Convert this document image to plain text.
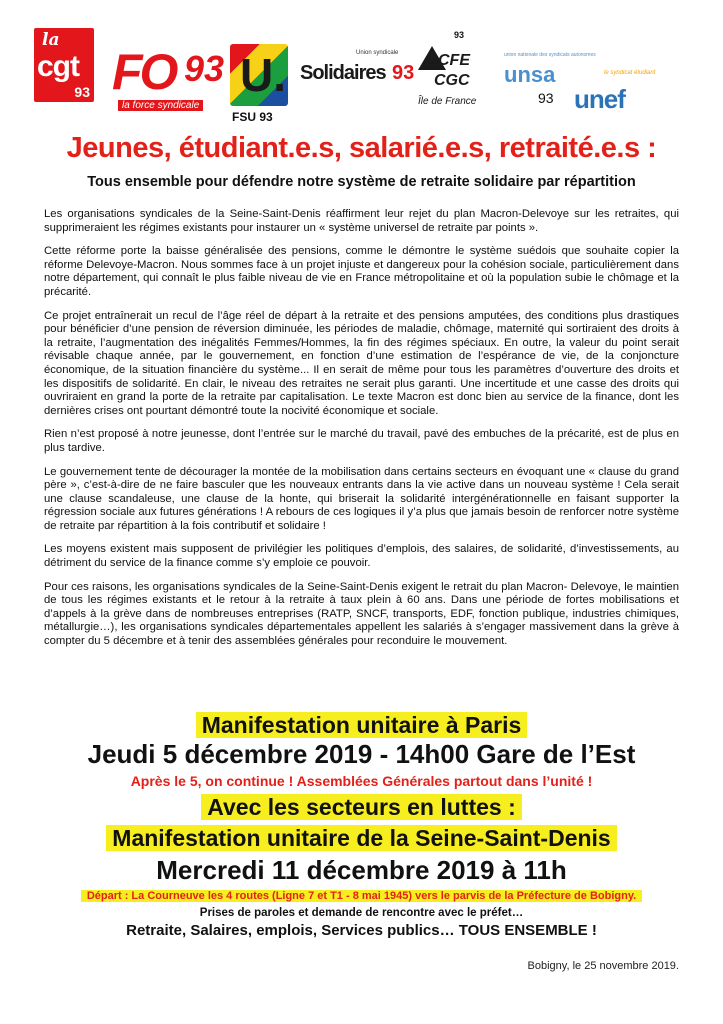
la
cgt
93 FO 93
la force syndicale
U.
FSU 93
Union syndicale
Solidaires 93
93
CFE
CGC
Île de France
union nationale des syndicats autonomes
unsa
93
le syndicat étudiant
unef
Jeunes, étudiant.e.s, salarié.e.s, retraité.e.s :
Tous ensemble pour défendre notre système de retraite solidaire par répartition

Les organisations syndicales de la Seine-Saint-Denis réaffirment leur rejet du plan Macron-Delevoye sur les retraites, qui supprimeraient les régimes existants pour instaurer un « système universel de retraite par points ».

Cette réforme porte la baisse généralisée des pensions, comme le démontre le système suédois que souhaite copier la réforme Delevoye-Macron. Nous sommes face à un projet injuste et dangereux pour la cohésion sociale, particulièrement dans notre département, qui connaît le plus faible niveau de vie en France métropolitaine et où la population subie le chômage et la précarité.

Ce projet entraînerait un recul de l’âge réel de départ à la retraite et des pensions amputées, des conditions plus drastiques pour bénéficier d’une pension de réversion diminuée, les périodes de maladie, chômage, maternité qui sortiraient des droits à la retraite, l’augmentation des inégalités Femmes/Hommes, la fin des régimes spéciaux. En outre, la valeur du point serait révisable chaque année, par le gouvernement, en fonction d’une estimation de l’espérance de vie, de la conjoncture économique, de la situation financière du système... Il en serait de même pour tous les paramètres d’ouverture des droits et les dispositifs de solidarité. En clair, le niveau des retraites ne serait plus garanti. Une incertitude et une casse des droits qui ouvriraient en grand la porte de la retraite par capitalisation. Le texte Macron est donc bien au service de la finance, dont les dernières crises ont pourtant démontré toute la nocivité économique et sociale.

Rien n’est proposé à notre jeunesse, dont l’entrée sur le marché du travail, pavé des embuches de la précarité, est de plus en plus tardive.

Le gouvernement tente de décourager la montée de la mobilisation dans certains secteurs en évoquant une « clause du grand père », c’est-à-dire de ne faire basculer que les nouveaux entrants dans la vie active dans un nouveau système ! Cela serait une clause scandaleuse, une clause de la honte, qui briserait la solidarité intergénérationnelle en faisant supporter la régression sociale aux futures générations ! A rebours de ces logiques il y’a plus que jamais besoin de renforcer notre système de retraite par répartition à la fois contributif et solidaire !

Les moyens existent mais supposent de privilégier les politiques d’emplois, des salaires, de solidarité, d’investissements, au détriment du service de la finance comme s’y emploie ce pouvoir.

Pour ces raisons, les organisations syndicales de la Seine-Saint-Denis exigent le retrait du plan Macron- Delevoye, le maintien de tous les régimes existants et le retour à la retraite à taux plein à 60 ans. Dans une période de fortes mobilisations et d’appels à la grève dans de nombreuses entreprises (RATP, SNCF, transports, EDF, fonction publique, industries chimiques, métallurgie…), les organisations syndicales départementales appellent les salariés à s’engager massivement dans la grève à compter du 5 décembre et à tenir des assemblées générales pour reconduire le mouvement.

Manifestation unitaire à Paris

Jeudi 5 décembre 2019 - 14h00 Gare de l’Est

Après le 5, on continue ! Assemblées Générales partout dans l’unité !

Avec les secteurs en luttes :

Manifestation unitaire de la Seine-Saint-Denis

Mercredi 11 décembre 2019 à 11h

Départ : La Courneuve les 4 routes (Ligne 7 et T1 - 8 mai 1945) vers le parvis de la Préfecture de Bobigny.

Prises de paroles et demande de rencontre avec le préfet…

Retraite, Salaires, emplois, Services publics… TOUS ENSEMBLE !

Bobigny, le 25 novembre 2019.
